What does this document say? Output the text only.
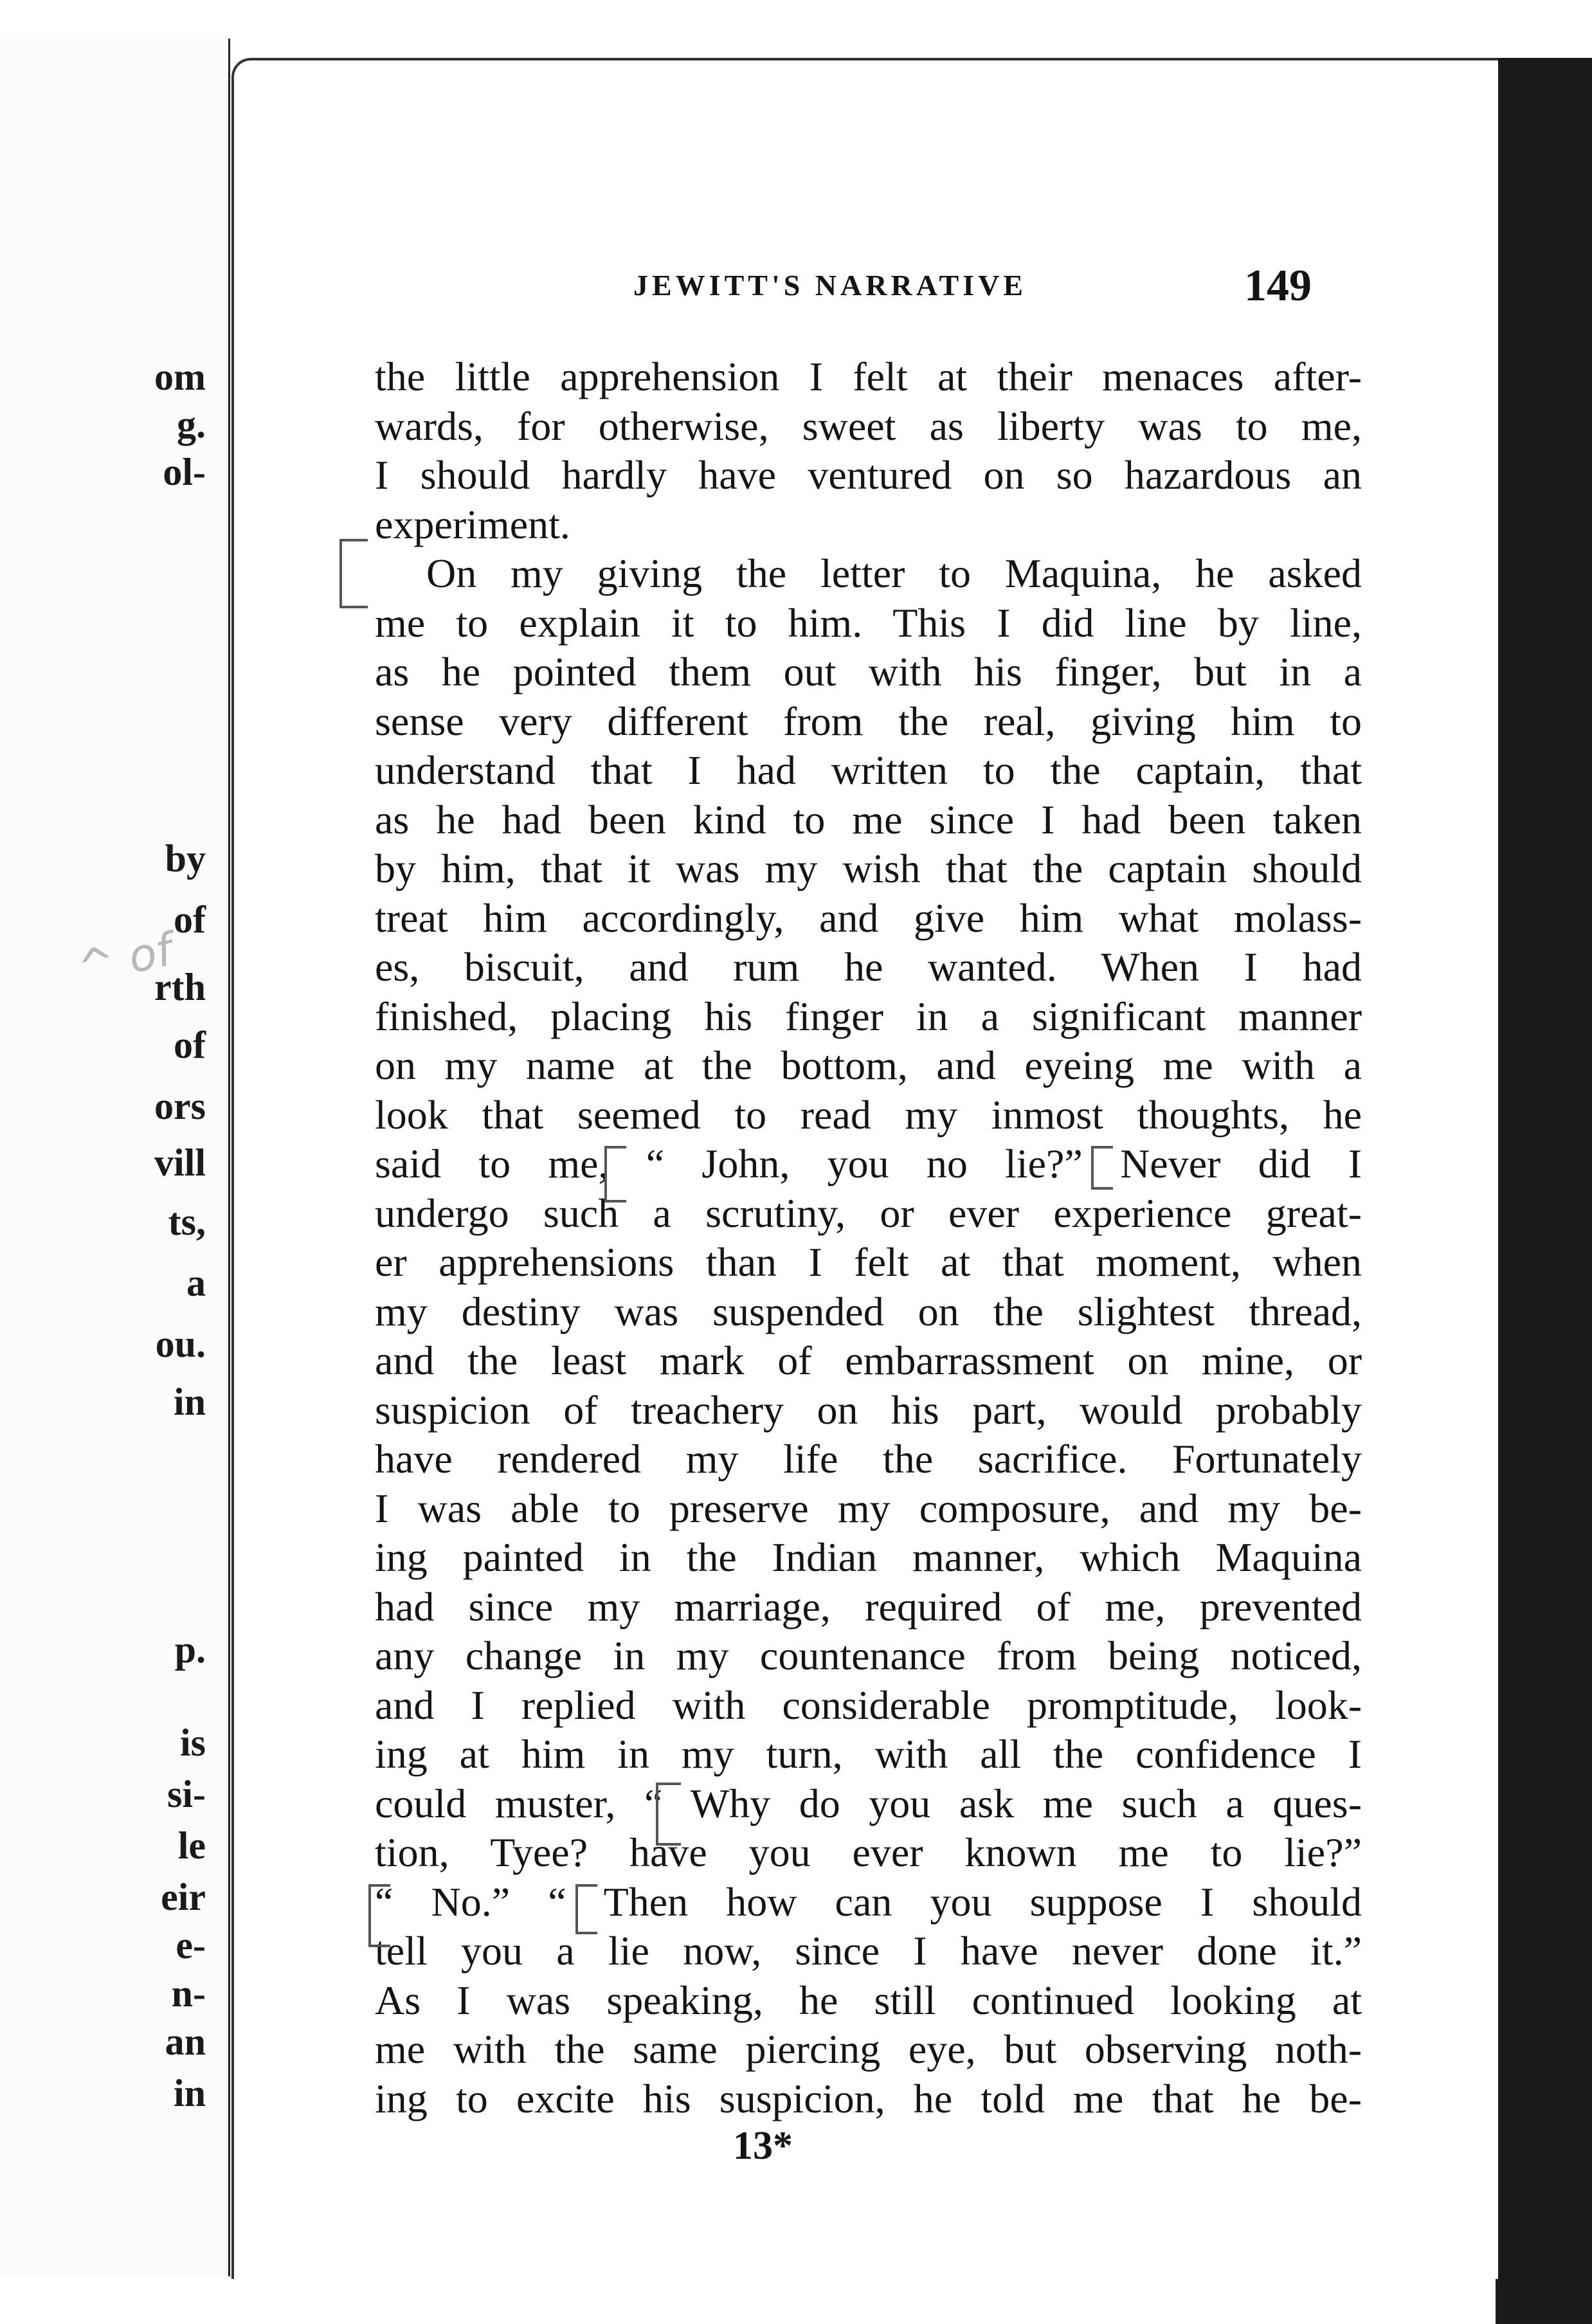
om
g.
ol-
by
of
rth
of
ors
vill
ts,
a
ou.
in
p.
is
si-
le
eir
e-
n-
an
in
^ of
JEWITT'S NARRATIVE	149
the little apprehension I felt at their menaces after-
wards, for otherwise, sweet as liberty was to me,
I should hardly have ventured on so hazardous an
experiment.
On my giving the letter to Maquina, he asked
me to explain it to him. This I did line by line,
as he pointed them out with his finger, but in a
sense very different from the real, giving him to
understand that I had written to the captain, that
as he had been kind to me since I had been taken
by him, that it was my wish that the captain should
treat him accordingly, and give him what molass-
es, biscuit, and rum he wanted. When I had
finished, placing his finger in a significant manner
on my name at the bottom, and eyeing me with a
look that seemed to read my inmost thoughts, he
said to me, “ John, you no lie?” Never did I
undergo such a scrutiny, or ever experience great-
er apprehensions than I felt at that moment, when
my destiny was suspended on the slightest thread,
and the least mark of embarrassment on mine, or
suspicion of treachery on his part, would probably
have rendered my life the sacrifice. Fortunately
I was able to preserve my composure, and my be-
ing painted in the Indian manner, which Maquina
had since my marriage, required of me, prevented
any change in my countenance from being noticed,
and I replied with considerable promptitude, look-
ing at him in my turn, with all the confidence I
could muster, “ Why do you ask me such a ques-
tion, Tyee? have you ever known me to lie?”
“ No.” “ Then how can you suppose I should
tell you a lie now, since I have never done it.”
As I was speaking, he still continued looking at
me with the same piercing eye, but observing noth-
ing to excite his suspicion, he told me that he be-
13*
